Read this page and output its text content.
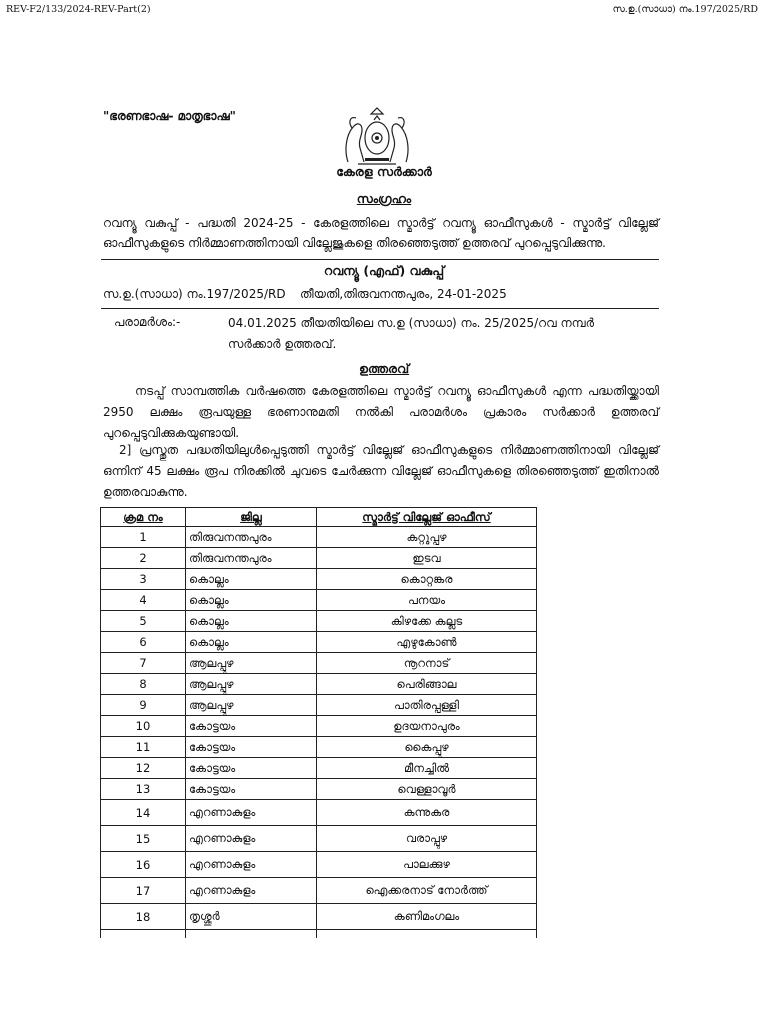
REV-F2/133/2024-REV-Part(2)	സ.ഉ.(സാധാ) നം.197/2025/RD
"ഭരണഭാഷ- മാതൃഭാഷ"
കേരള സർക്കാർ
സംഗ്രഹം
റവന്യൂ വകുപ്പ് - പദ്ധതി 2024-25 - കേരളത്തിലെ സ്മാർട്ട് റവന്യൂ ഓഫീസുകൾ - സ്മാർട്ട് വില്ലേജ്
ഓഫീസുകളുടെ നിർമ്മാണത്തിനായി വില്ലേജുകളെ തിരഞ്ഞെടുത്ത് ഉത്തരവ് പുറപ്പെടുവിക്കുന്നു.
റവന്യൂ (എഫ്) വകുപ്പ്
സ.ഉ.(സാധാ) നം.197/2025/RD തീയതി,തിരുവനന്തപുരം, 24-01-2025
പരാമർശം:-	04.01.2025 തീയതിയിലെ സ.ഉ (സാധാ) നം. 25/2025/റവ നമ്പർ സർക്കാർ ഉത്തരവ്.
ഉത്തരവ്
നടപ്പ് സാമ്പത്തിക വർഷത്തെ കേരളത്തിലെ സ്മാർട്ട് റവന്യൂ ഓഫീസുകൾ എന്ന പദ്ധതിയ്ക്കായി 2950 ലക്ഷം രൂപയുള്ള ഭരണാനുമതി നൽകി പരാമർശം പ്രകാരം സർക്കാർ ഉത്തരവ് പുറപ്പെടുവിക്കുകയുണ്ടായി.
2] പ്രസ്തുത പദ്ധതിയിലുൾപ്പെടുത്തി സ്മാർട്ട് വില്ലേജ് ഓഫീസുകളുടെ നിർമ്മാണത്തിനായി വില്ലേജ് ഒന്നിന് 45 ലക്ഷം രൂപ നിരക്കിൽ ചുവടെ ചേർക്കുന്ന വില്ലേജ് ഓഫീസുകളെ തിരഞ്ഞെടുത്ത് ഇതിനാൽ ഉത്തരവാകുന്നു.
ക്രമ നം	ജില്ല	സ്മാർട്ട് വില്ലേജ് ഓഫീസ്
1	തിരുവനന്തപുരം	കറ്റുപ്പഴ
2	തിരുവനന്തപുരം	ഇടവ
3	കൊല്ലം	കൊറ്റങ്കര
4	കൊല്ലം	പനയം
5	കൊല്ലം	കിഴക്കേ കല്ലട
6	കൊല്ലം	എഴുകോൺ
7	ആലപ്പുഴ	നൂറനാട്
8	ആലപ്പുഴ	പെരിങ്ങാല
9	ആലപ്പുഴ	പാതിരപ്പള്ളി
10	കോട്ടയം	ഉദയനാപുരം
11	കോട്ടയം	കൈപ്പുഴ
12	കോട്ടയം	മീനച്ചിൽ
13	കോട്ടയം	വെള്ളാവൂർ
14	എറണാകുളം	കന്നുകര
15	എറണാകുളം	വരാപ്പുഴ
16	എറണാകുളം	പാലക്കുഴ
17	എറണാകുളം	ഐക്കരനാട് നോർത്ത്
18	തൃശ്ശൂർ	കണിമംഗലം
